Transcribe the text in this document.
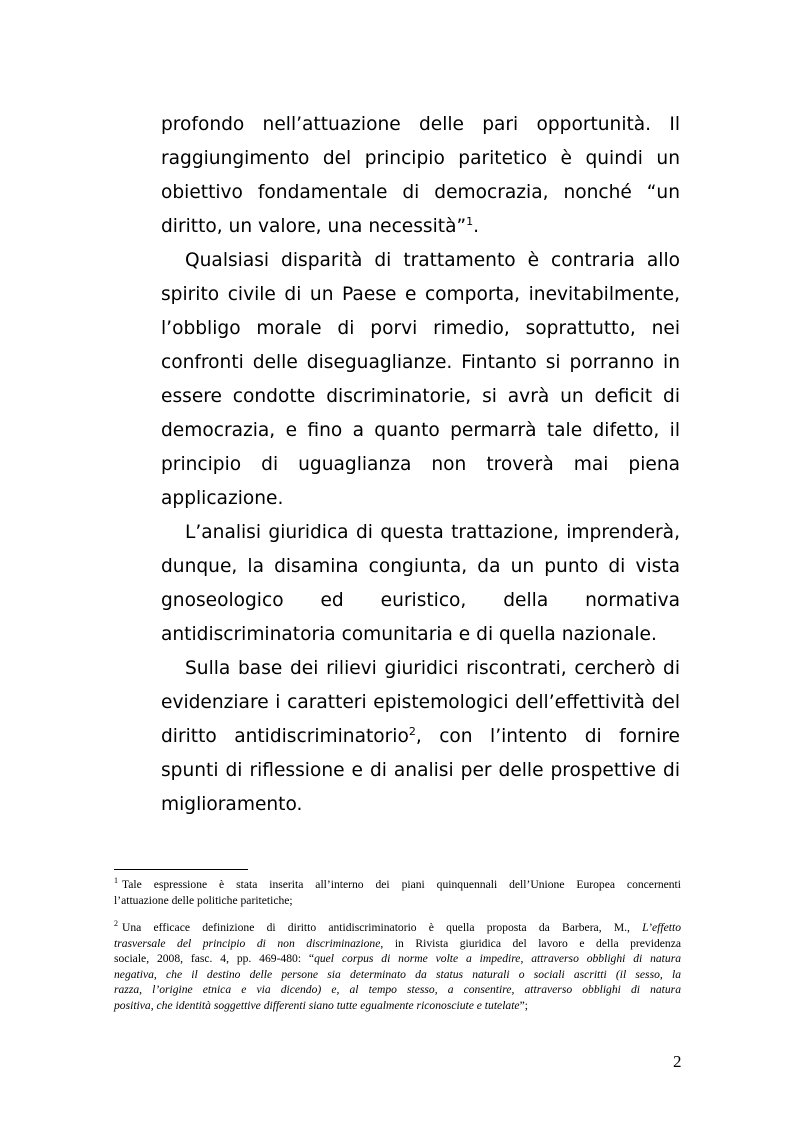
profondo nell’attuazione delle pari opportunità. Il
raggiungimento del principio paritetico è quindi un
obiettivo fondamentale di democrazia, nonché “un
diritto, un valore, una necessità”$^1$.
Qualsiasi disparità di trattamento è contraria allo
spirito civile di un Paese e comporta, inevitabilmente,
l’obbligo morale di porvi rimedio, soprattutto, nei
confronti delle diseguaglianze. Fintanto si porranno in
essere condotte discriminatorie, si avrà un deficit di
democrazia, e fino a quanto permarrà tale difetto, il
principio di uguaglianza non troverà mai piena
applicazione.
L’analisi giuridica di questa trattazione, imprenderà,
dunque, la disamina congiunta, da un punto di vista
gnoseologico ed euristico, della normativa
antidiscriminatoria comunitaria e di quella nazionale.
Sulla base dei rilievi giuridici riscontrati, cercherò di
evidenziare i caratteri epistemologici dell’effettività del
diritto antidiscriminatorio$^2$, con l’intento di fornire
spunti di riflessione e di analisi per delle prospettive di
miglioramento.
$^1$ Tale espressione è stata inserita all’interno dei piani quinquennali dell’Unione Europea concernenti
l’attuazione delle politiche paritetiche;
$^2$ Una efficace definizione di diritto antidiscriminatorio è quella proposta da Barbera, M., L’effetto
trasversale del principio di non discriminazione, in Rivista giuridica del lavoro e della previdenza
sociale, 2008, fasc. 4, pp. 469-480: “quel corpus di norme volte a impedire, attraverso obblighi di natura
negativa, che il destino delle persone sia determinato da status naturali o sociali ascritti (il sesso, la
razza, l’origine etnica e via dicendo) e, al tempo stesso, a consentire, attraverso obblighi di natura
positiva, che identità soggettive differenti siano tutte egualmente riconosciute e tutelate”;
2
